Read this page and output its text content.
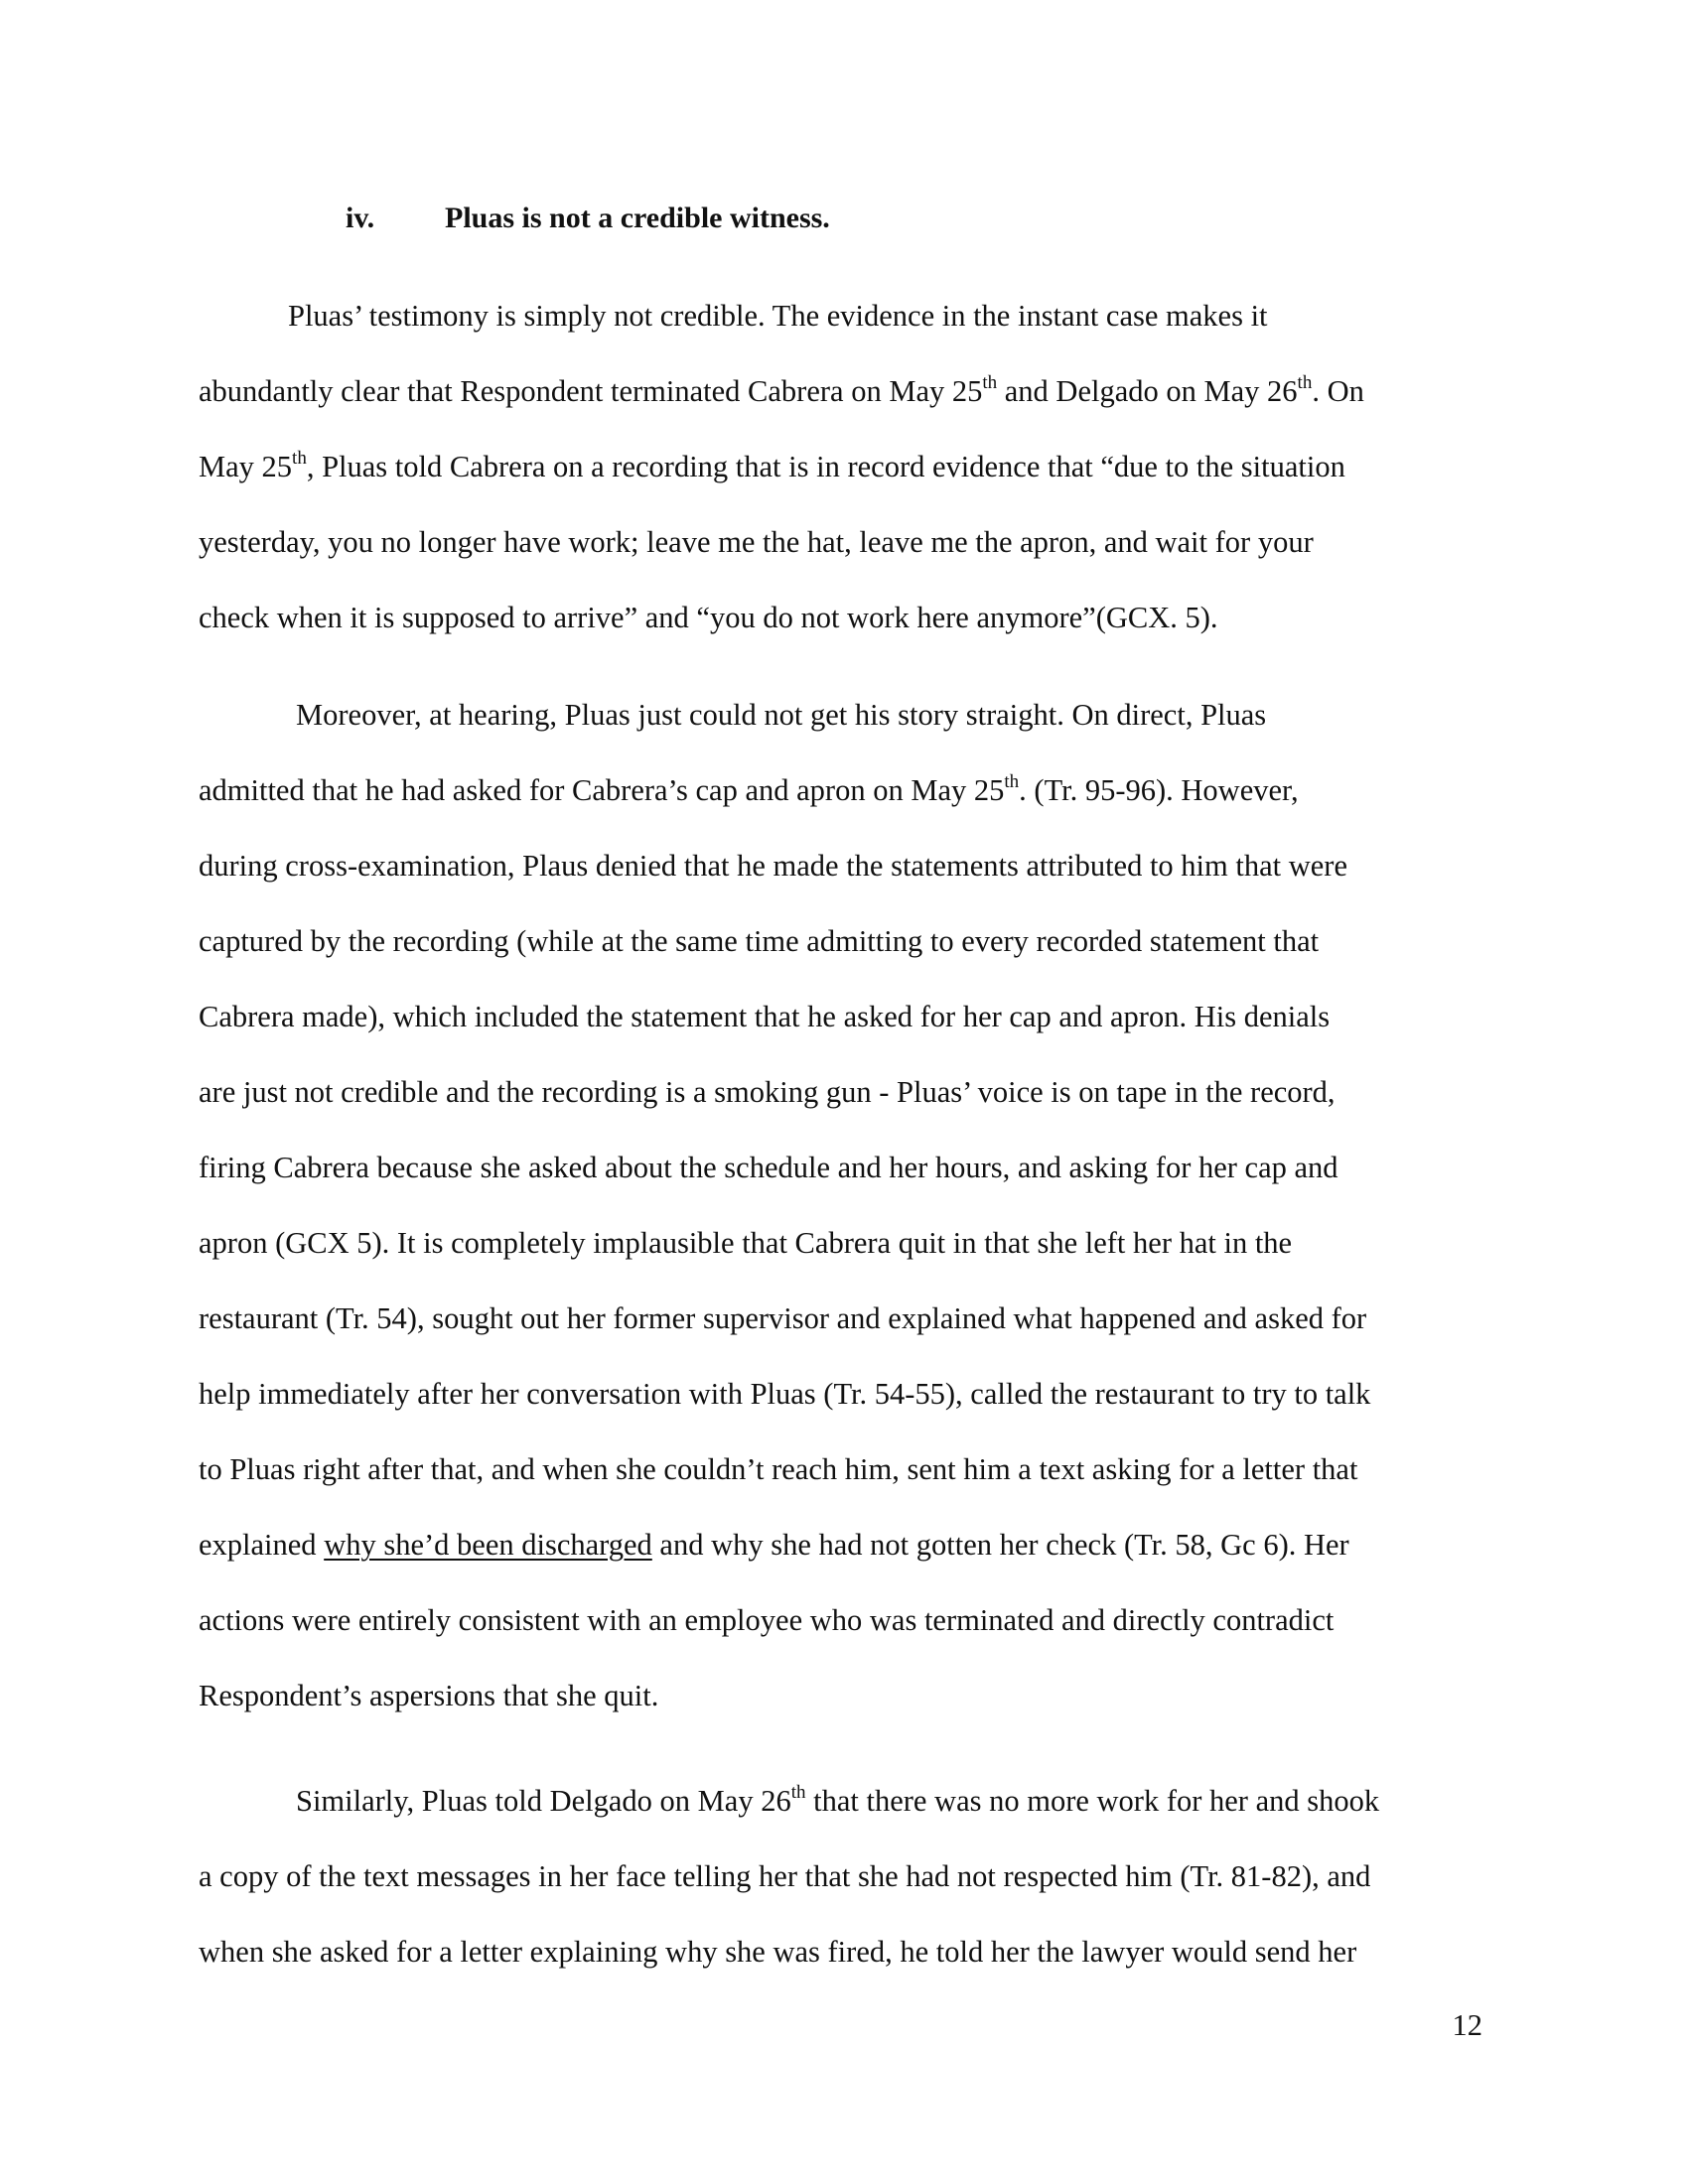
iv. Pluas is not a credible witness.
Pluas’ testimony is simply not credible. The evidence in the instant case makes it
abundantly clear that Respondent terminated Cabrera on May 25th and Delgado on May 26th. On
May 25th, Pluas told Cabrera on a recording that is in record evidence that “due to the situation
yesterday, you no longer have work; leave me the hat, leave me the apron, and wait for your
check when it is supposed to arrive” and “you do not work here anymore”(GCX. 5).
Moreover, at hearing, Pluas just could not get his story straight. On direct, Pluas
admitted that he had asked for Cabrera’s cap and apron on May 25th. (Tr. 95-96). However,
during cross-examination, Plaus denied that he made the statements attributed to him that were
captured by the recording (while at the same time admitting to every recorded statement that
Cabrera made), which included the statement that he asked for her cap and apron. His denials
are just not credible and the recording is a smoking gun - Pluas’ voice is on tape in the record,
firing Cabrera because she asked about the schedule and her hours, and asking for her cap and
apron (GCX 5). It is completely implausible that Cabrera quit in that she left her hat in the
restaurant (Tr. 54), sought out her former supervisor and explained what happened and asked for
help immediately after her conversation with Pluas (Tr. 54-55), called the restaurant to try to talk
to Pluas right after that, and when she couldn’t reach him, sent him a text asking for a letter that
explained why she’d been discharged and why she had not gotten her check (Tr. 58, Gc 6). Her
actions were entirely consistent with an employee who was terminated and directly contradict
Respondent’s aspersions that she quit.
Similarly, Pluas told Delgado on May 26th that there was no more work for her and shook
a copy of the text messages in her face telling her that she had not respected him (Tr. 81-82), and
when she asked for a letter explaining why she was fired, he told her the lawyer would send her
12
